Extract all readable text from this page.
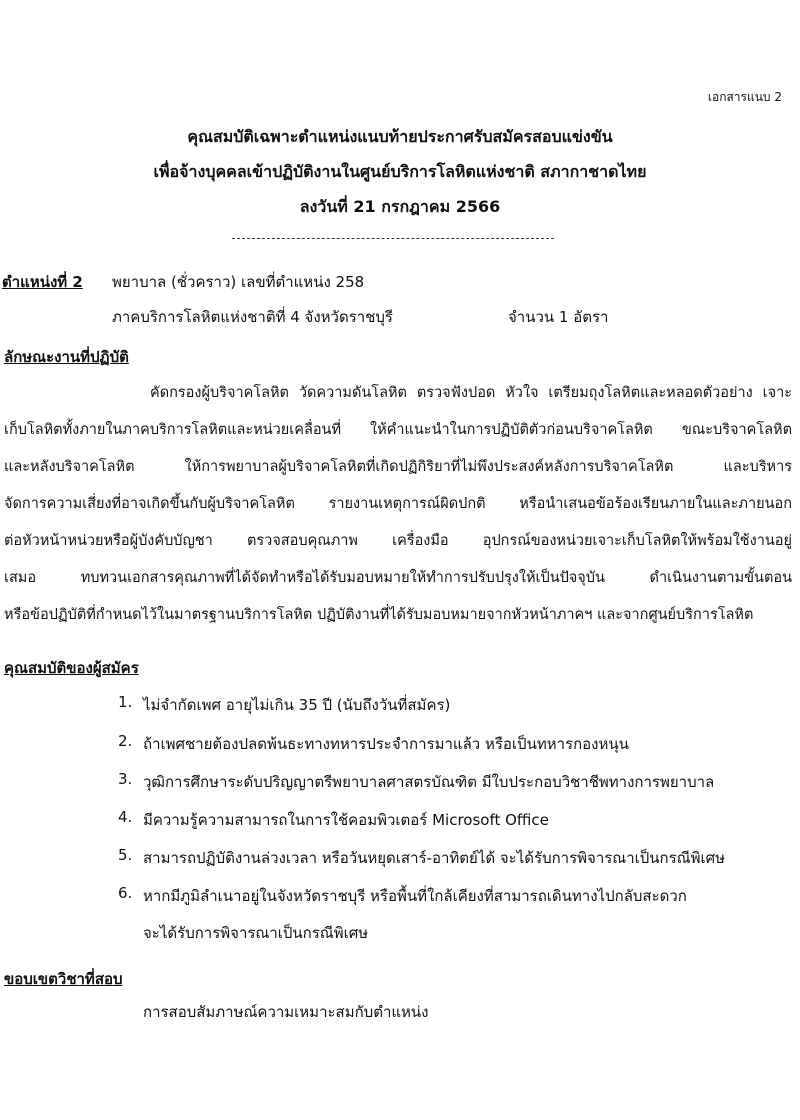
เอกสารแนบ 2
คุณสมบัติเฉพาะตำแหน่งแนบท้ายประกาศรับสมัครสอบแข่งขัน
เพื่อจ้างบุคคลเข้าปฏิบัติงานในศูนย์บริการโลหิตแห่งชาติ สภากาชาดไทย
ลงวันที่ 21 กรกฎาคม 2566
ตำแหน่งที่ 2 พยาบาล (ชั่วคราว) เลขที่ตำแหน่ง 258
ภาคบริการโลหิตแห่งชาติที่ 4 จังหวัดราชบุรี	จำนวน 1 อัตรา
ลักษณะงานที่ปฏิบัติ
คัดกรองผู้บริจาคโลหิต วัดความดันโลหิต ตรวจฟังปอด หัวใจ เตรียมถุงโลหิตและหลอดตัวอย่าง เจาะ
เก็บโลหิตทั้งภายในภาคบริการโลหิตและหน่วยเคลื่อนที่ ให้คำแนะนำในการปฏิบัติตัวก่อนบริจาคโลหิต ขณะบริจาคโลหิต
และหลังบริจาคโลหิต ให้การพยาบาลผู้บริจาคโลหิตที่เกิดปฏิกิริยาที่ไม่พึงประสงค์หลังการบริจาคโลหิต และบริหาร
จัดการความเสี่ยงที่อาจเกิดขึ้นกับผู้บริจาคโลหิต รายงานเหตุการณ์ผิดปกติ หรือนำเสนอข้อร้องเรียนภายในและภายนอก
ต่อหัวหน้าหน่วยหรือผู้บังคับบัญชา ตรวจสอบคุณภาพ เครื่องมือ อุปกรณ์ของหน่วยเจาะเก็บโลหิตให้พร้อมใช้งานอยู่
เสมอ ทบทวนเอกสารคุณภาพที่ได้จัดทำหรือได้รับมอบหมายให้ทำการปรับปรุงให้เป็นปัจจุบัน ดำเนินงานตามขั้นตอน
หรือข้อปฏิบัติที่กำหนดไว้ในมาตรฐานบริการโลหิต ปฏิบัติงานที่ได้รับมอบหมายจากหัวหน้าภาคฯ และจากศูนย์บริการโลหิต
คุณสมบัติของผู้สมัคร
1. ไม่จำกัดเพศ อายุไม่เกิน 35 ปี (นับถึงวันที่สมัคร)
2. ถ้าเพศชายต้องปลดพ้นธะทางทหารประจำการมาแล้ว หรือเป็นทหารกองหนุน
3. วุฒิการศึกษาระดับปริญญาตรีพยาบาลศาสตรบัณฑิต มีใบประกอบวิชาชีพทางการพยาบาล
4. มีความรู้ความสามารถในการใช้คอมพิวเตอร์ Microsoft Office
5. สามารถปฏิบัติงานล่วงเวลา หรือวันหยุดเสาร์-อาทิตย์ได้ จะได้รับการพิจารณาเป็นกรณีพิเศษ
6. หากมีภูมิลำเนาอยู่ในจังหวัดราชบุรี หรือพื้นที่ใกล้เคียงที่สามารถเดินทางไปกลับสะดวก
จะได้รับการพิจารณาเป็นกรณีพิเศษ
ขอบเขตวิชาที่สอบ
การสอบสัมภาษณ์ความเหมาะสมกับตำแหน่ง
